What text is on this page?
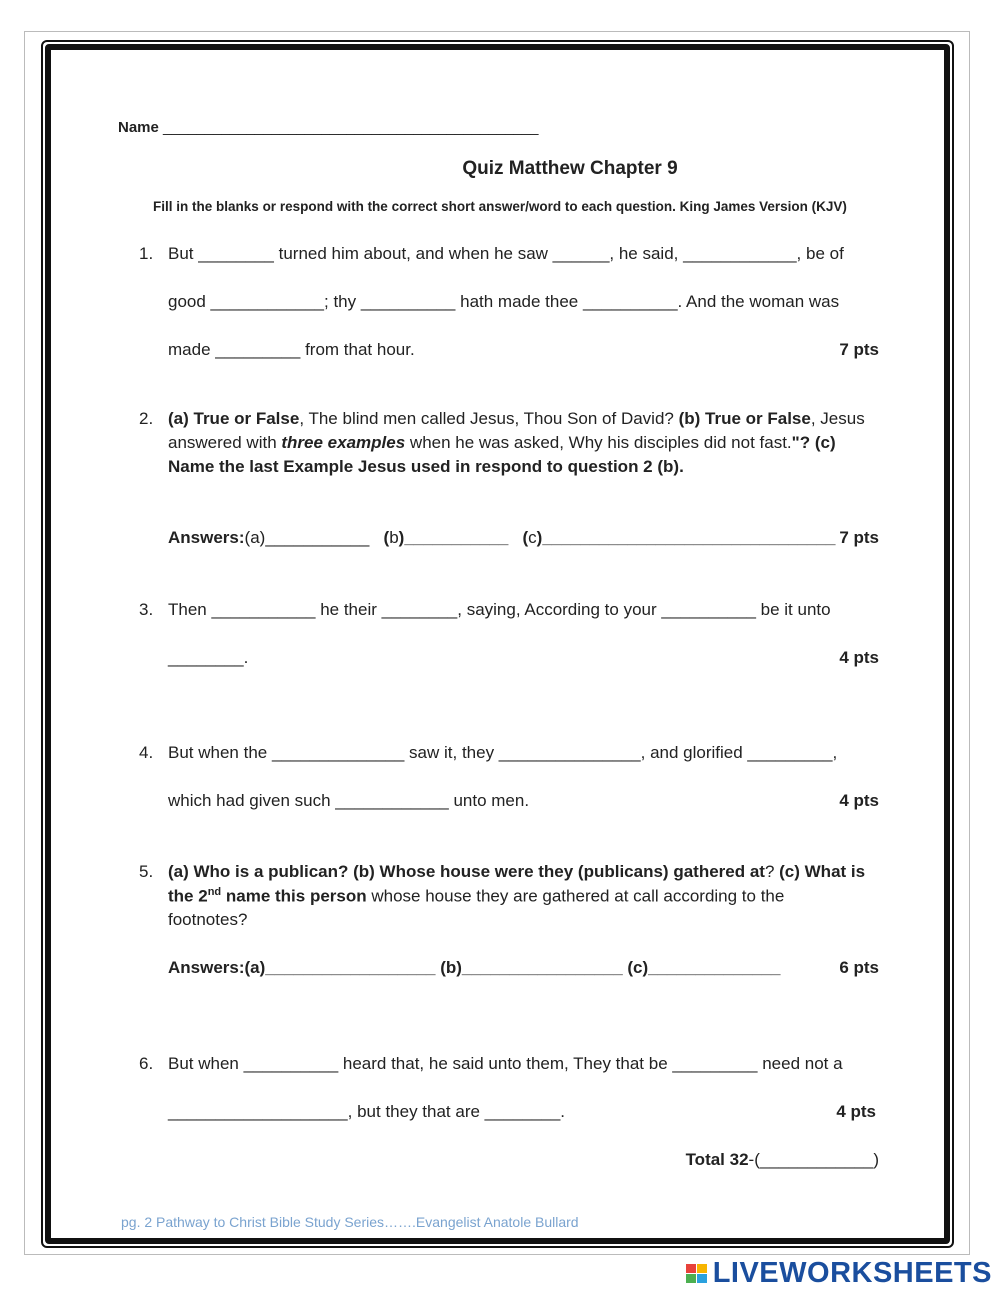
Name _____________________________________________
Quiz Matthew Chapter 9
Fill in the blanks or respond with the correct short answer/word to each question. King James Version (KJV)
1. But ________ turned him about, and when he saw ______, he said, ____________, be of
good ____________; thy __________ hath made thee __________. And the woman was
made _________ from that hour.	7 pts
2. (a) True or False, The blind men called Jesus, Thou Son of David? (b) True or False, Jesus
answered with three examples when he was asked, Why his disciples did not fast."? (c)
Name the last Example Jesus used in respond to question 2 (b).
Answers:(a)___________ (b)___________ (c)_______________________________ 7 pts
3. Then ___________ he their ________, saying, According to your __________ be it unto
________.	4 pts
4. But when the ______________ saw it, they _______________, and glorified _________,
which had given such ____________ unto men.	4 pts
5. (a) Who is a publican? (b) Whose house were they (publicans) gathered at? (c) What is
the 2nd name this person whose house they are gathered at call according to the
footnotes?
Answers:(a)__________________ (b)_________________ (c)______________	6 pts
6. But when __________ heard that, he said unto them, They that be _________ need not a
___________________, but they that are ________.	4 pts
Total 32-(____________)
pg. 2 Pathway to Christ Bible Study Series…….Evangelist Anatole Bullard
LIVEWORKSHEETS
